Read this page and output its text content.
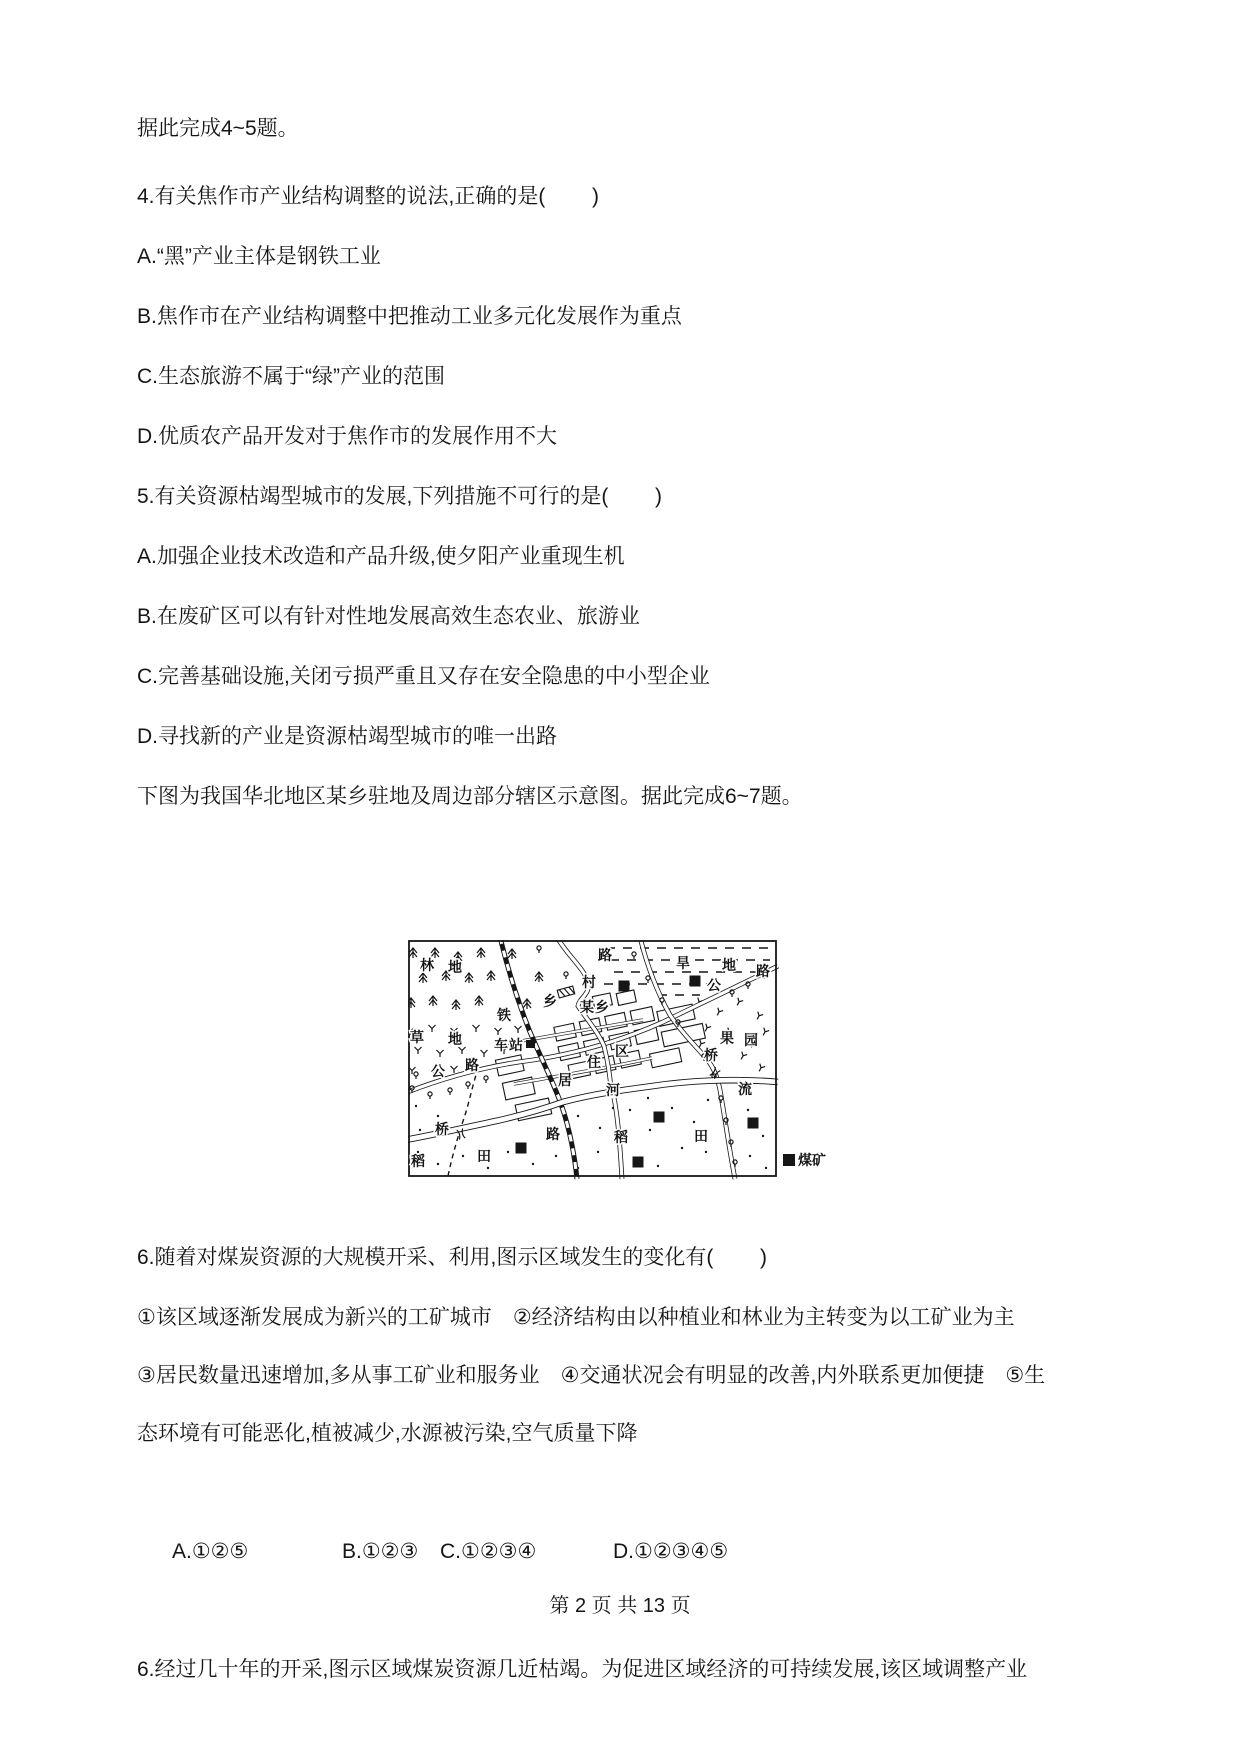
据此完成4~5题。

4.有关焦作市产业结构调整的说法,正确的是(        )

A.“黑”产业主体是钢铁工业

B.焦作市在产业结构调整中把推动工业多元化发展作为重点

C.生态旅游不属于“绿”产业的范围

D.优质农产品开发对于焦作市的发展作用不大

5.有关资源枯竭型城市的发展,下列措施不可行的是(        )

A.加强企业技术改造和产品升级,使夕阳产业重现生机

B.在废矿区可以有针对性地发展高效生态农业、旅游业

C.完善基础设施,关闭亏损严重且又存在安全隐患的中小型企业

D.寻找新的产业是资源枯竭型城市的唯一出路

下图为我国华北地区某乡驻地及周边部分辖区示意图。据此完成6~7题。

林 地
路
村
旱 地 路
公
乡 某乡
铁
草 地 车站	区
住
居
果 园
桥
路
公
河	流
桥
稻	田
路	稻	田
煤矿

6.随着对煤炭资源的大规模开采、利用,图示区域发生的变化有(        )

①该区域逐渐发展成为新兴的工矿城市　②经济结构由以种植业和林业为主转变为以工矿业为主　③居民数量迅速增加,多从事工矿业和服务业　④交通状况会有明显的改善,内外联系更加便捷　⑤生态环境有可能恶化,植被减少,水源被污染,空气质量下降

A.①②⑤	B.①②③ C.①②③④	D.①②③④⑤

6.经过几十年的开采,图示区域煤炭资源几近枯竭。为促进区域经济的可持续发展,该区域调整产业

第 2 页 共 13 页
